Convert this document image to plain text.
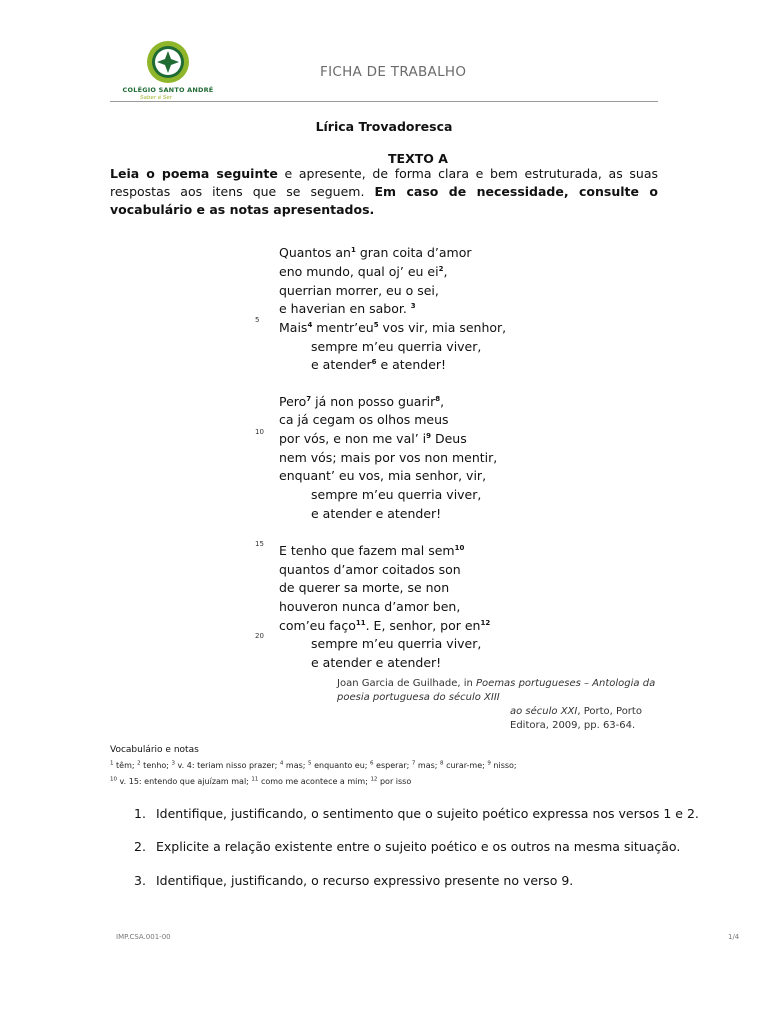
COLÉGIO SANTO ANDRÉ
Saber é Ser
FICHA DE TRABALHO
Lírica Trovadoresca
TEXTO A
Leia o poema seguinte e apresente, de forma clara e bem estruturada, as suas respostas aos itens que se seguem. Em caso de necessidade, consulte o vocabulário e as notas apresentados.
Quantos $an^1$ gran coita d’amor
eno mundo, qual oj’ eu $ei^2$,
querrian morrer, eu o sei,
e haverian en sabor. $^3$
Mais$^4$ $mentr’eu^5$ vos vir, mia senhor,
sempre m’eu querria viver,
e atender$^6$ e atender!
Pero$^7$ já non posso guarir$^8$,
ca já cegam os olhos meus
por vós, e non me val’ $i^9$ Deus
nem vós; mais por vos non mentir,
enquant’ eu vos, mia senhor, vir,
sempre m’eu querria viver,
e atender e atender!
E tenho que fazem mal sem$^{10}$
quantos d’amor coitados son
de querer sa morte, se non
houveron nunca d’amor ben,
com’eu faço$^{11}$. E, senhor, por $en^{12}$
sempre m’eu querria viver,
e atender e atender!
5
10
15
20
Joan Garcia de Guilhade, in Poemas portugueses – Antologia da poesia portuguesa do século XIII
ao século XXI, Porto, Porto Editora, 2009, pp. 63-64.
Vocabulário e notas
$^1$ têm; $^2$ tenho; $^3$ v. 4: teriam nisso prazer; $^4$ mas; $^5$ enquanto eu; $^6$ esperar; $^7$ mas; $^8$ curar-me; $^9$ nisso;
$^{10}$ v. 15: entendo que ajuízam mal; $^{11}$ como me acontece a mim; $^{12}$ por isso
1. Identifique, justificando, o sentimento que o sujeito poético expressa nos versos 1 e 2.
2. Explicite a relação existente entre o sujeito poético e os outros na mesma situação.
3. Identifique, justificando, o recurso expressivo presente no verso 9.
IMP.CSA.001-00	1/4
